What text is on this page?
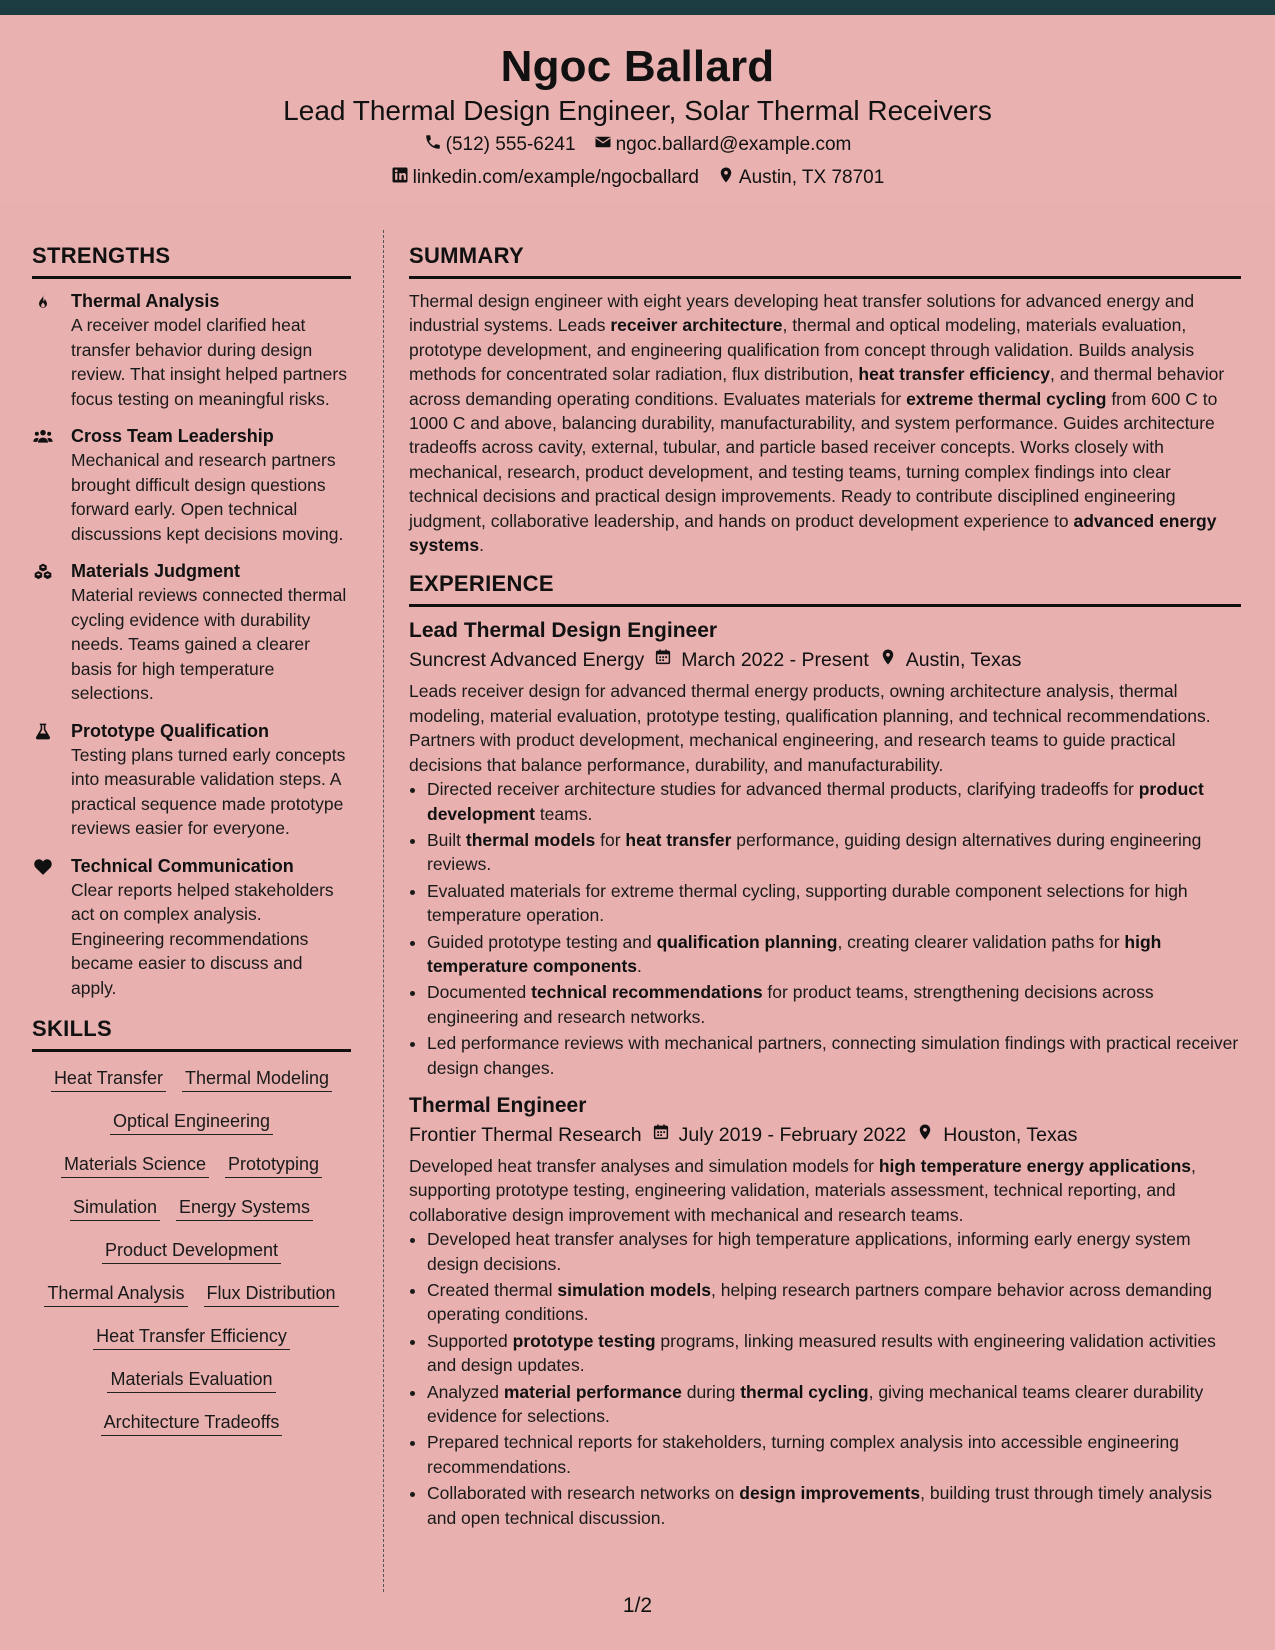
Ngoc Ballard
Lead Thermal Design Engineer, Solar Thermal Receivers
(512) 555-6241 ngoc.ballard@example.com
linkedin.com/example/ngocballard Austin, TX 78701
STRENGTHS
Thermal Analysis
A receiver model clarified heat transfer behavior during design review. That insight helped partners focus testing on meaningful risks.
Cross Team Leadership
Mechanical and research partners brought difficult design questions forward early. Open technical discussions kept decisions moving.
Materials Judgment
Material reviews connected thermal cycling evidence with durability needs. Teams gained a clearer basis for high temperature selections.
Prototype Qualification
Testing plans turned early concepts into measurable validation steps. A practical sequence made prototype reviews easier for everyone.
Technical Communication
Clear reports helped stakeholders act on complex analysis. Engineering recommendations became easier to discuss and apply.
SKILLS
Heat Transfer Thermal Modeling
Optical Engineering
Materials Science Prototyping
Simulation Energy Systems
Product Development
Thermal Analysis Flux Distribution
Heat Transfer Efficiency
Materials Evaluation
Architecture Tradeoffs
SUMMARY

Thermal design engineer with eight years developing heat transfer solutions for advanced energy and industrial systems. Leads receiver architecture, thermal and optical modeling, materials evaluation, prototype development, and engineering qualification from concept through validation. Builds analysis methods for concentrated solar radiation, flux distribution, heat transfer efficiency, and thermal behavior across demanding operating conditions. Evaluates materials for extreme thermal cycling from 600 C to 1000 C and above, balancing durability, manufacturability, and system performance. Guides architecture tradeoffs across cavity, external, tubular, and particle based receiver concepts. Works closely with mechanical, research, product development, and testing teams, turning complex findings into clear technical decisions and practical design improvements. Ready to contribute disciplined engineering judgment, collaborative leadership, and hands on product development experience to advanced energy systems.

EXPERIENCE
Lead Thermal Design Engineer
Suncrest Advanced Energy March 2022 - Present Austin, Texas

Leads receiver design for advanced thermal energy products, owning architecture analysis, thermal modeling, material evaluation, prototype testing, qualification planning, and technical recommendations. Partners with product development, mechanical engineering, and research teams to guide practical decisions that balance performance, durability, and manufacturability.

• Directed receiver architecture studies for advanced thermal products, clarifying tradeoffs for product development teams.
• Built thermal models for heat transfer performance, guiding design alternatives during engineering reviews.
• Evaluated materials for extreme thermal cycling, supporting durable component selections for high temperature operation.
• Guided prototype testing and qualification planning, creating clearer validation paths for high temperature components.
• Documented technical recommendations for product teams, strengthening decisions across engineering and research networks.
• Led performance reviews with mechanical partners, connecting simulation findings with practical receiver design changes.
Thermal Engineer
Frontier Thermal Research July 2019 - February 2022 Houston, Texas

Developed heat transfer analyses and simulation models for high temperature energy applications, supporting prototype testing, engineering validation, materials assessment, technical reporting, and collaborative design improvement with mechanical and research teams.

• Developed heat transfer analyses for high temperature applications, informing early energy system design decisions.
• Created thermal simulation models, helping research partners compare behavior across demanding operating conditions.
• Supported prototype testing programs, linking measured results with engineering validation activities and design updates.
• Analyzed material performance during thermal cycling, giving mechanical teams clearer durability evidence for selections.
• Prepared technical reports for stakeholders, turning complex analysis into accessible engineering recommendations.
• Collaborated with research networks on design improvements, building trust through timely analysis and open technical discussion.
1/2
